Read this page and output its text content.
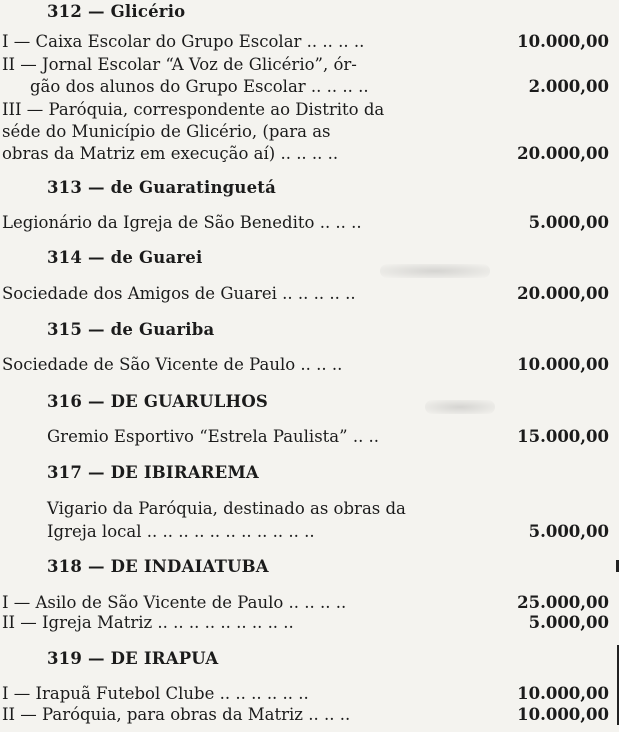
312 — Glicério
I — Caixa Escolar do Grupo Escolar .. .. .. ..	10.000,00
II — Jornal Escolar “A Voz de Glicério”, ór-
gão dos alunos do Grupo Escolar .. .. .. ..	2.000,00
III — Paróquia, correspondente ao Distrito da
séde do Município de Glicério, (para as
obras da Matriz em execução aí) .. .. .. ..	20.000,00
313 — de Guaratinguetá
Legionário da Igreja de São Benedito .. .. ..	5.000,00
314 — de Guarei
Sociedade dos Amigos de Guarei .. .. .. .. ..	20.000,00
315 — de Guariba
Sociedade de São Vicente de Paulo .. .. ..	10.000,00
316 — DE GUARULHOS
Gremio Esportivo “Estrela Paulista” .. ..	15.000,00
317 — DE IBIRAREMA
Vigario da Paróquia, destinado as obras da
Igreja local .. .. .. .. .. .. .. .. .. .. ..	5.000,00
318 — DE INDAIATUBA
I — Asilo de São Vicente de Paulo .. .. .. ..	25.000,00
II — Igreja Matriz .. .. .. .. .. .. .. .. ..	5.000,00
319 — DE IRAPUA
I — Irapuã Futebol Clube .. .. .. .. .. ..	10.000,00
II — Paróquia, para obras da Matriz .. .. ..	10.000,00
